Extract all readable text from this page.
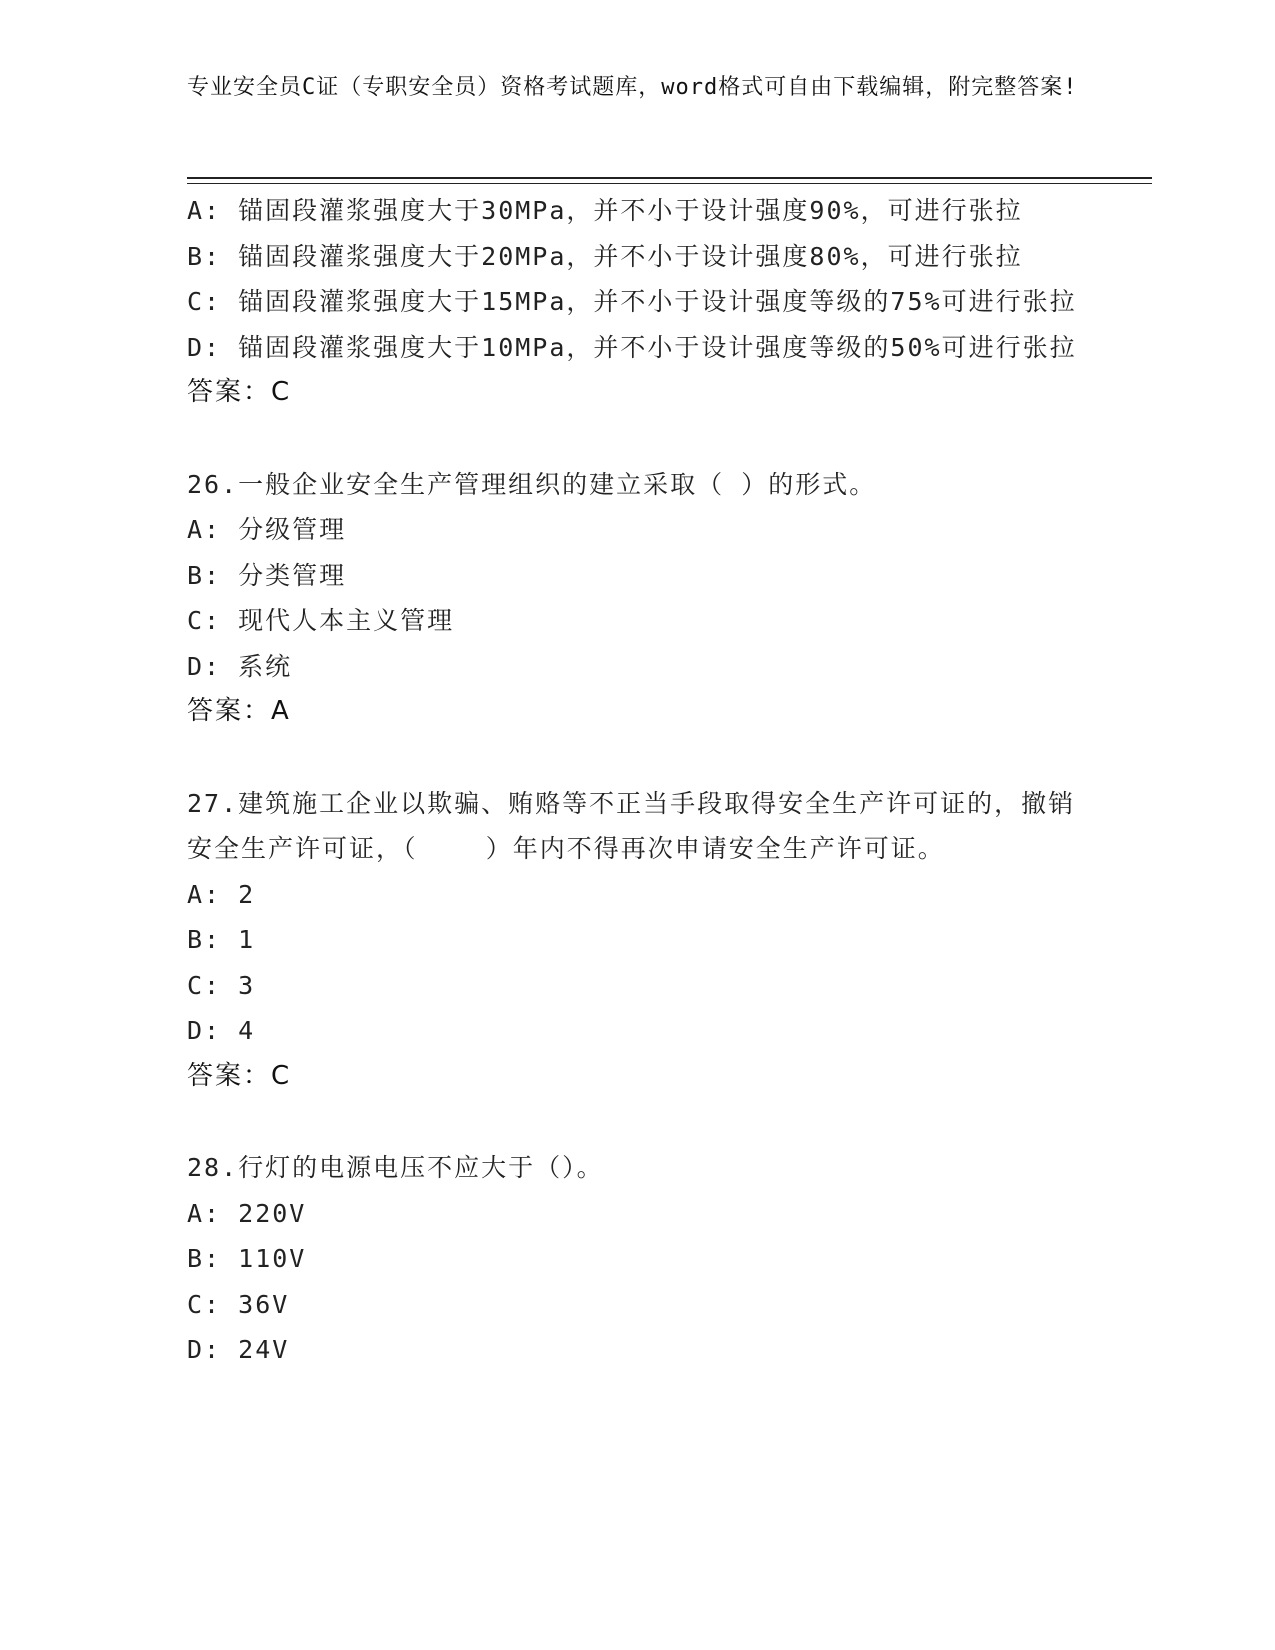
专业安全员C证（专职安全员）资格考试题库，word格式可自由下载编辑，附完整答案!

A: 锚固段灌浆强度大于30MPa，并不小于设计强度90%，可进行张拉

B: 锚固段灌浆强度大于20MPa，并不小于设计强度80%，可进行张拉

C: 锚固段灌浆强度大于15MPa，并不小于设计强度等级的75%可进行张拉

D: 锚固段灌浆强度大于10MPa，并不小于设计强度等级的50%可进行张拉

答案：C

26.一般企业安全生产管理组织的建立采取（ ）的形式。

A: 分级管理

B: 分类管理

C: 现代人本主义管理

D: 系统

答案：A

27.建筑施工企业以欺骗、贿赂等不正当手段取得安全生产许可证的，撤销安全生产许可证，（    ）年内不得再次申请安全生产许可证。

A: 2

B: 1

C: 3

D: 4

答案：C

28.行灯的电源电压不应大于（）。

A: 220V

B: 110V

C: 36V

D: 24V
